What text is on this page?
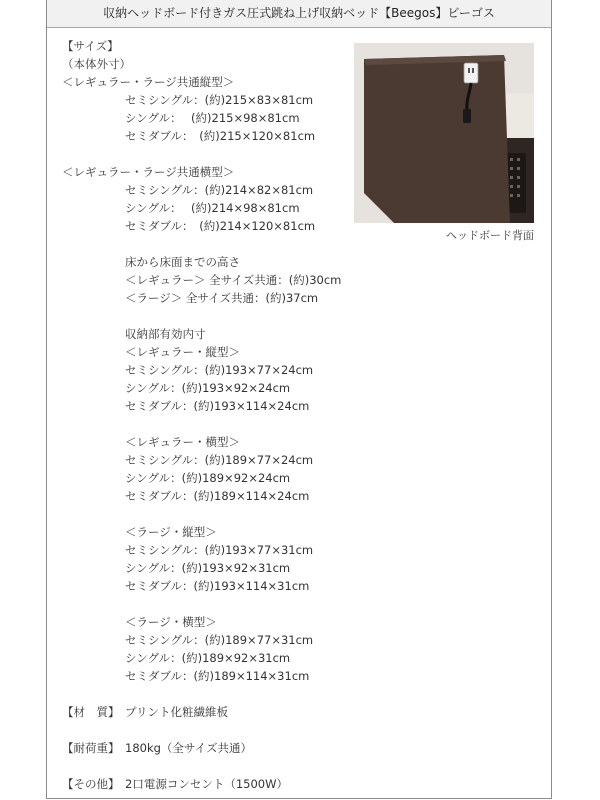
収納ヘッドボード付きガス圧式跳ね上げ収納ベッド【Beegos】ビーゴス
【サイズ】
（本体外寸）
＜レギュラー・ラージ共通縦型＞
セミシングル：(約)215×83×81cm
シングル：　 (約)215×98×81cm
セミダブル：　(約)215×120×81cm
＜レギュラー・ラージ共通横型＞
セミシングル：(約)214×82×81cm
シングル：　 (約)214×98×81cm
セミダブル：　(約)214×120×81cm
床から床面までの高さ
＜レギュラー＞ 全サイズ共通：(約)30cm
＜ラージ＞ 全サイズ共通：(約)37cm
収納部有効内寸
＜レギュラー・縦型＞
セミシングル：(約)193×77×24cm
シングル：(約)193×92×24cm
セミダブル：(約)193×114×24cm
＜レギュラー・横型＞
セミシングル：(約)189×77×24cm
シングル：(約)189×92×24cm
セミダブル：(約)189×114×24cm
＜ラージ・縦型＞
セミシングル：(約)193×77×31cm
シングル：(約)193×92×31cm
セミダブル：(約)193×114×31cm
＜ラージ・横型＞
セミシングル：(約)189×77×31cm
シングル：(約)189×92×31cm
セミダブル：(約)189×114×31cm
ヘッドボード背面
【材　質】 プリント化粧繊維板
【耐荷重】 180kg（全サイズ共通）
【その他】 2口電源コンセント（1500W）
